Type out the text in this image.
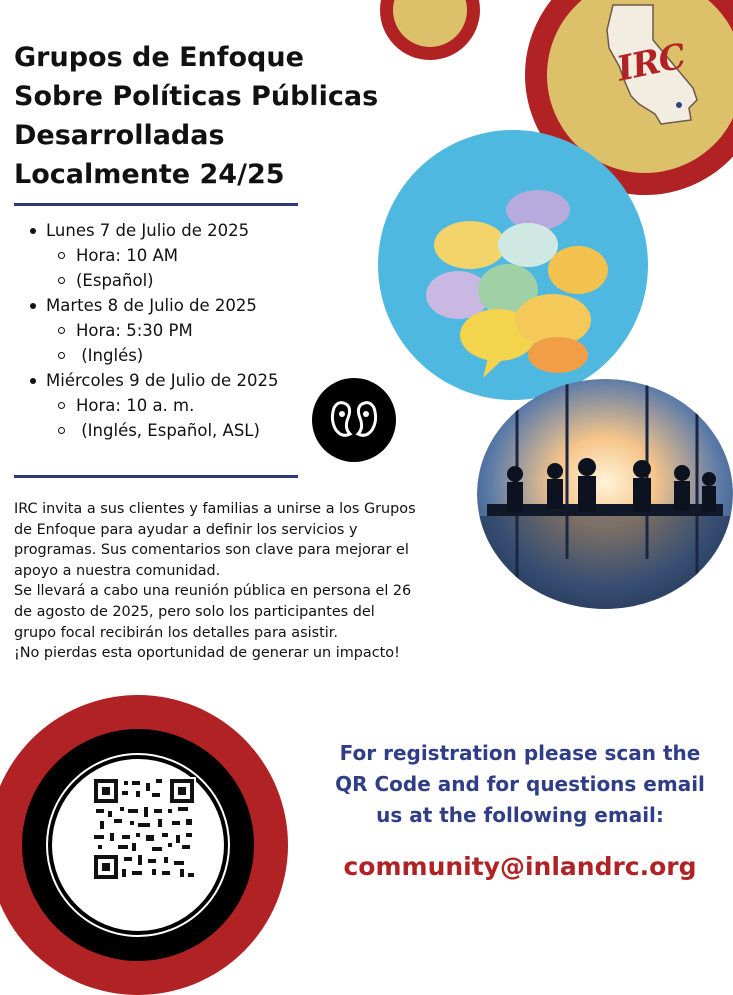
IRC
Grupos de Enfoque
Sobre Políticas Públicas
Desarrolladas
Localmente 24/25
Lunes 7 de Julio de 2025
Hora: 10 AM
(Español)
Martes 8 de Julio de 2025
Hora: 5:30 PM
(Inglés)
Miércoles 9 de Julio de 2025
Hora: 10 a. m.
(Inglés, Español, ASL)
IRC invita a sus clientes y familias a unirse a los Grupos
de Enfoque para ayudar a definir los servicios y
programas. Sus comentarios son clave para mejorar el
apoyo a nuestra comunidad.
Se llevará a cabo una reunión pública en persona el 26
de agosto de 2025, pero solo los participantes del
grupo focal recibirán los detalles para asistir.
¡No pierdas esta oportunidad de generar un impacto!
For registration please scan the
QR Code and for questions email
us at the following email:
community@inlandrc.org
